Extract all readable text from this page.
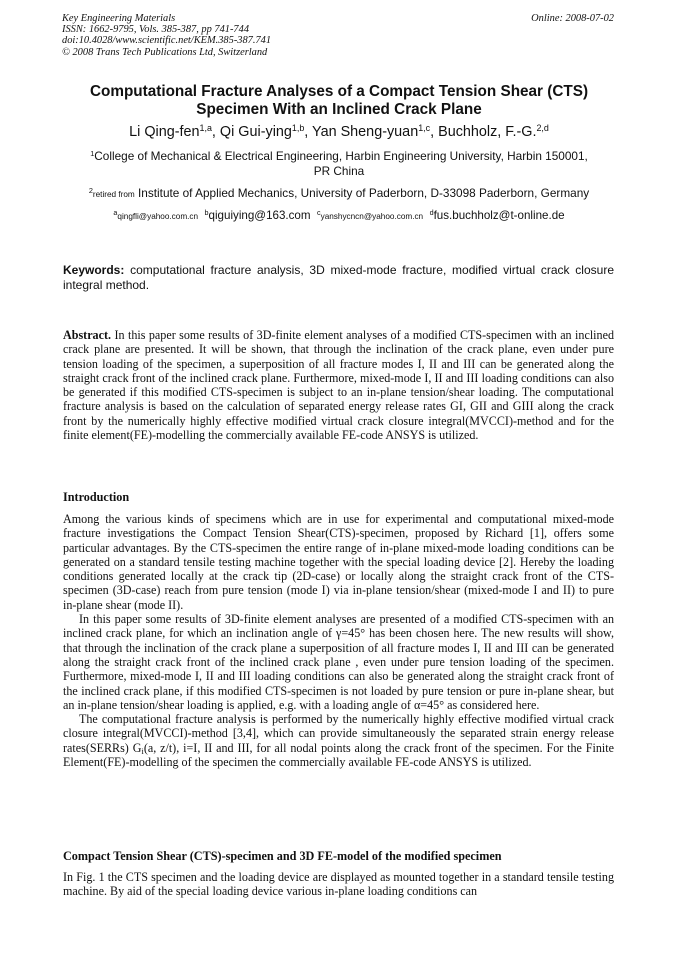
Key Engineering Materials
ISSN: 1662-9795, Vols. 385-387, pp 741-744
doi:10.4028/www.scientific.net/KEM.385-387.741
© 2008 Trans Tech Publications Ltd, Switzerland
Online: 2008-07-02
Computational Fracture Analyses of a Compact Tension Shear (CTS)
Specimen With an Inclined Crack Plane
Li Qing-fen$^{1,a}$, Qi Gui-ying$^{1,b}$, Yan Sheng-yuan$^{1,c}$, Buchholz, F.-G.$^{2,d}$
$^1$College of Mechanical & Electrical Engineering, Harbin Engineering University, Harbin 150001,
PR China
$^2$retired from Institute of Applied Mechanics, University of Paderborn, D-33098 Paderborn, Germany
$^a$qingfli@yahoo.com.cn $^b$qiguiying@163.com $^c$yanshycncn@yahoo.com.cn $^d$fus.buchholz@t-online.de
Keywords: computational fracture analysis, 3D mixed-mode fracture, modified virtual crack closure integral method.
Abstract. In this paper some results of 3D-finite element analyses of a modified CTS-specimen with an inclined crack plane are presented. It will be shown, that through the inclination of the crack plane, even under pure tension loading of the specimen, a superposition of all fracture modes I, II and III can be generated along the straight crack front of the inclined crack plane. Furthermore, mixed-mode I, II and III loading conditions can also be generated if this modified CTS-specimen is subject to an in-plane tension/shear loading. The computational fracture analysis is based on the calculation of separated energy release rates GI, GII and GIII along the crack front by the numerically highly effective modified virtual crack closure integral(MVCCI)-method and for the finite element(FE)-modelling the commercially available FE-code ANSYS is utilized.
Introduction

Among the various kinds of specimens which are in use for experimental and computational mixed-mode fracture investigations the Compact Tension Shear(CTS)-specimen, proposed by Richard [1], offers some particular advantages. By the CTS-specimen the entire range of in-plane mixed-mode loading conditions can be generated on a standard tensile testing machine together with the special loading device [2]. Hereby the loading conditions generated locally at the crack tip (2D-case) or locally along the straight crack front of the CTS-specimen (3D-case) reach from pure tension (mode I) via in-plane tension/shear (mixed-mode I and II) to pure in-plane shear (mode II).

In this paper some results of 3D-finite element analyses are presented of a modified CTS-specimen with an inclined crack plane, for which an inclination angle of γ=45° has been chosen here. The new results will show, that through the inclination of the crack plane a superposition of all fracture modes I, II and III can be generated along the straight crack front of the inclined crack plane , even under pure tension loading of the specimen. Furthermore, mixed-mode I, II and III loading conditions can also be generated along the straight crack front of the inclined crack plane, if this modified CTS-specimen is not loaded by pure tension or pure in-plane shear, but an in-plane tension/shear loading is applied, e.g. with a loading angle of α=45° as considered here.

The computational fracture analysis is performed by the numerically highly effective modified virtual crack closure integral(MVCCI)-method [3,4], which can provide simultaneously the separated strain energy release rates(SERRs) $G_i(a$, z/t), i=I, II and III, for all nodal points along the crack front of the specimen. For the Finite Element(FE)-modelling of the specimen the commercially available FE-code ANSYS is utilized.

Compact Tension Shear (CTS)-specimen and 3D FE-model of the modified specimen

In Fig. 1 the CTS specimen and the loading device are displayed as mounted together in a standard tensile testing machine. By aid of the special loading device various in-plane loading conditions can
